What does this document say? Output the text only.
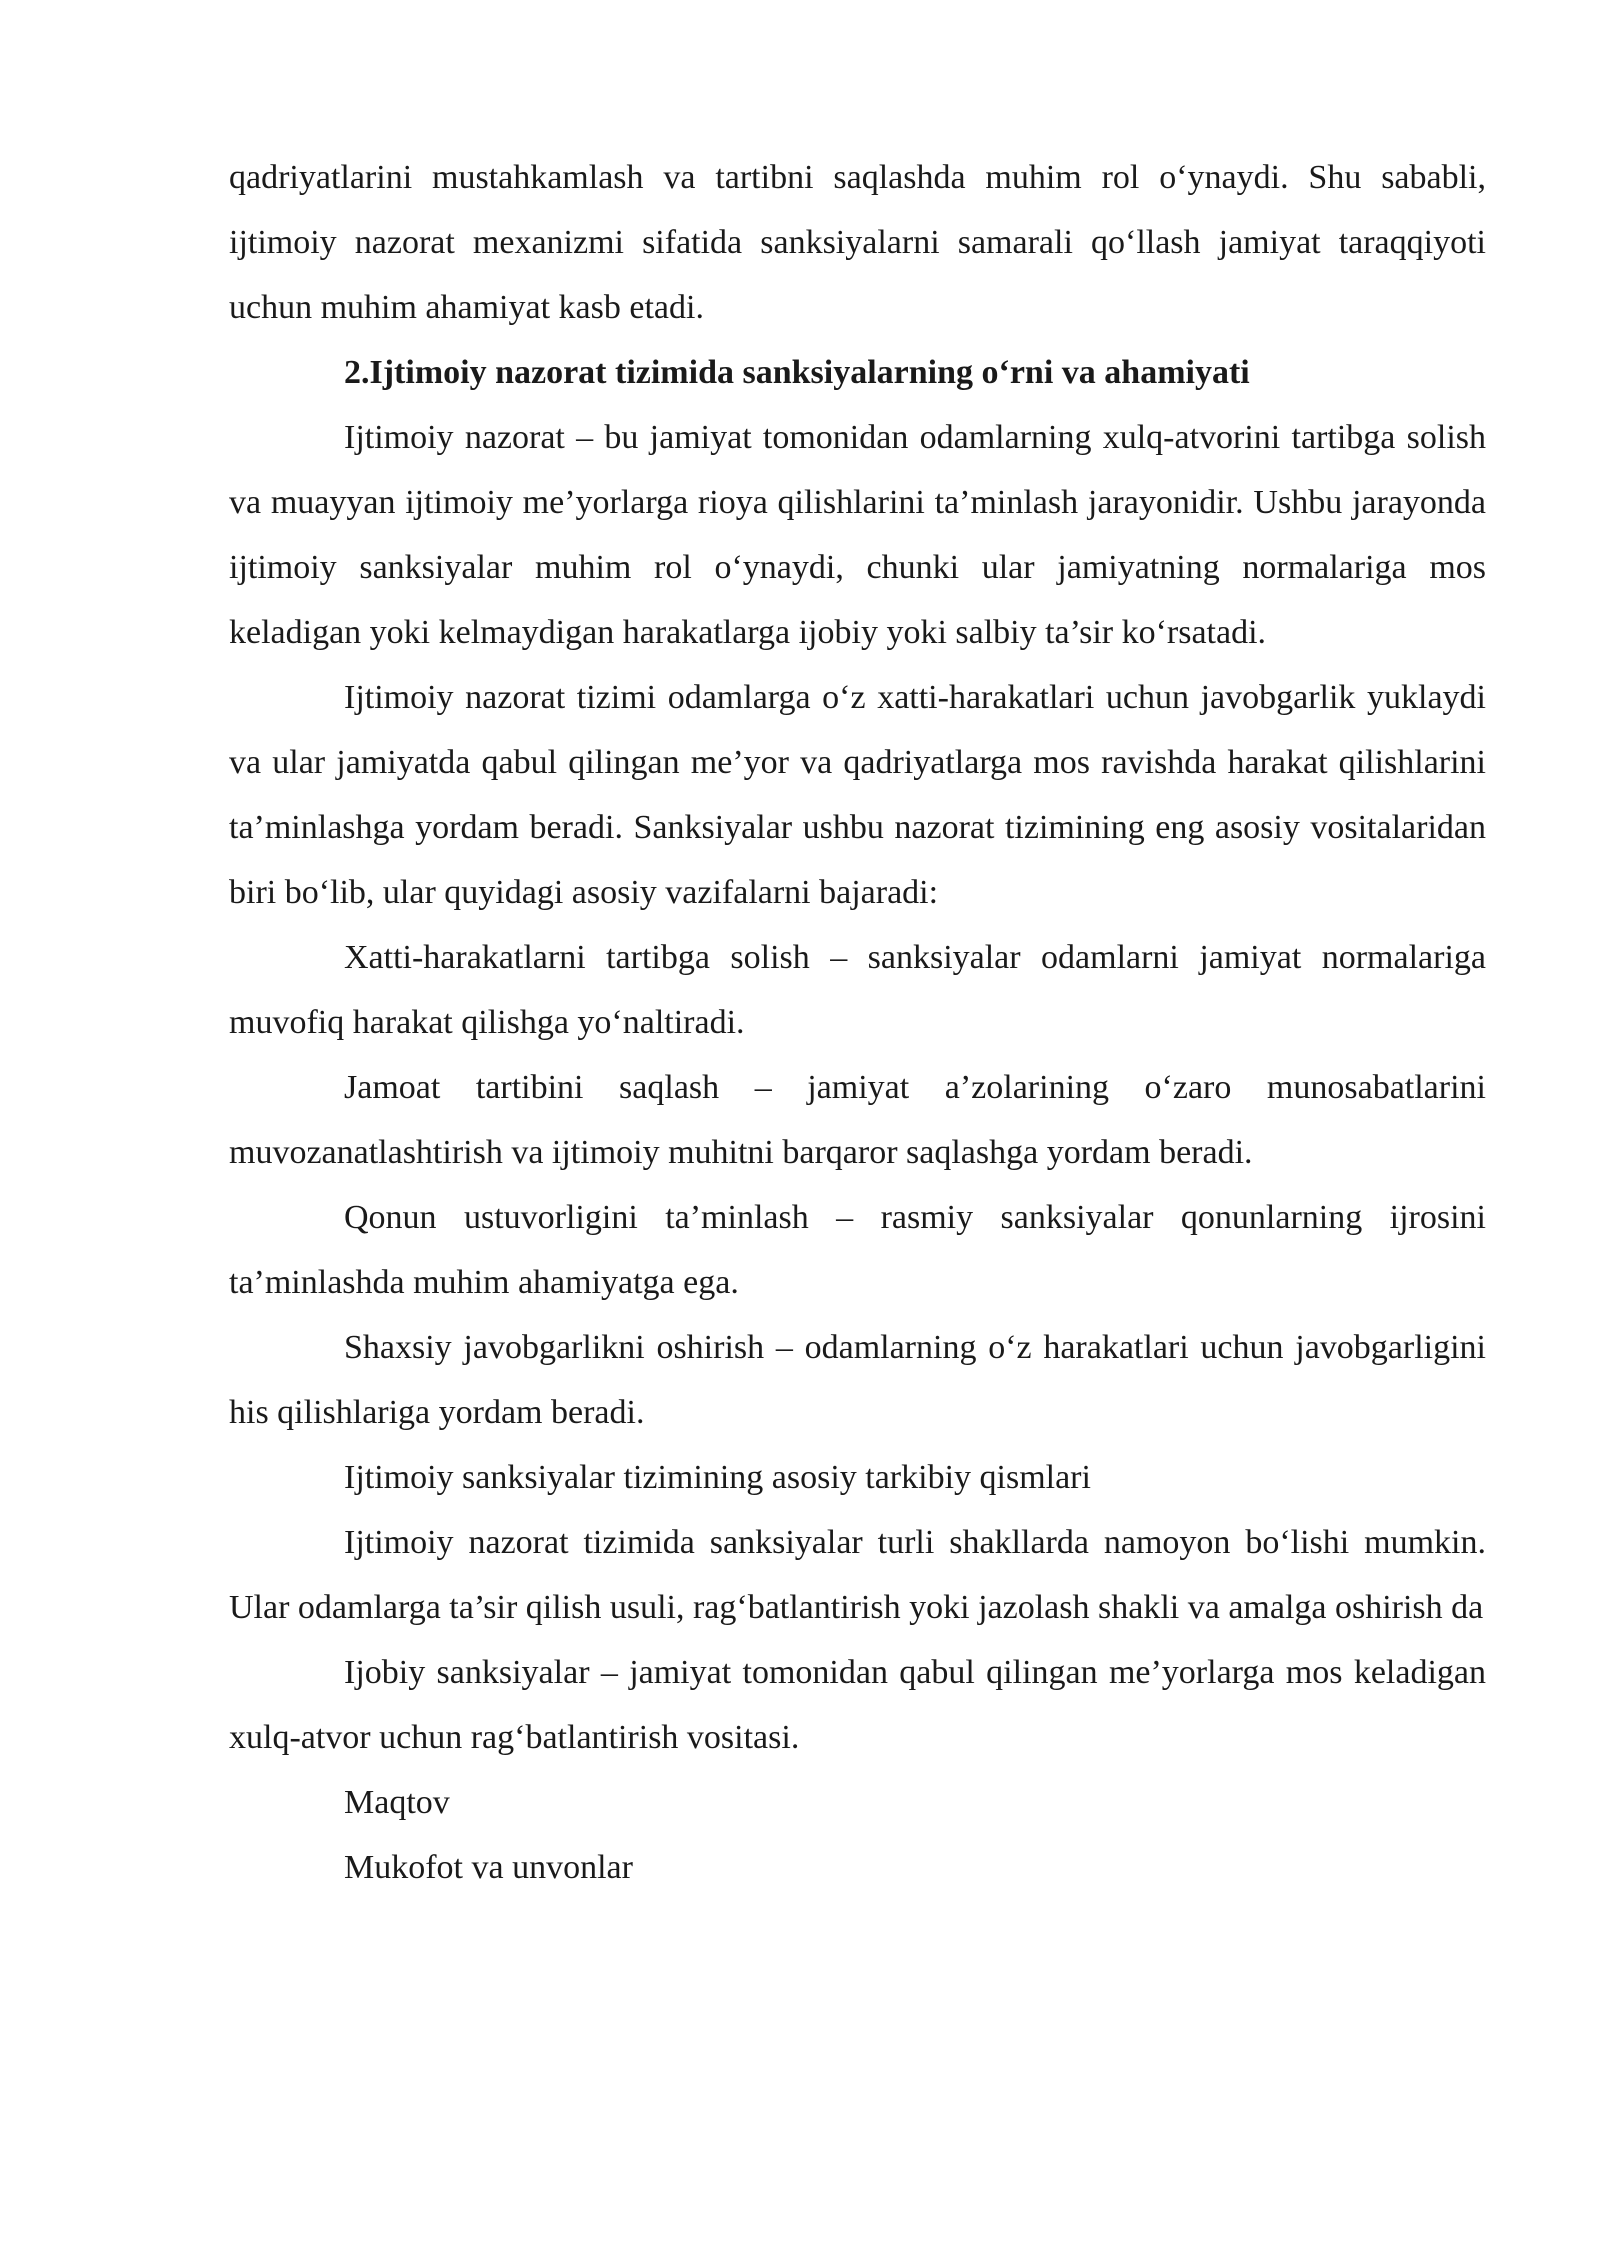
qadriyatlarini mustahkamlash va tartibni saqlashda muhim rol o‘ynaydi. Shu sababli, ijtimoiy nazorat mexanizmi sifatida sanksiyalarni samarali qo‘llash jamiyat taraqqiyoti uchun muhim ahamiyat kasb etadi.

2.Ijtimoiy nazorat tizimida sanksiyalarning o‘rni va ahamiyati

Ijtimoiy nazorat – bu jamiyat tomonidan odamlarning xulq-atvorini tartibga solish va muayyan ijtimoiy me’yorlarga rioya qilishlarini ta’minlash jarayonidir. Ushbu jarayonda ijtimoiy sanksiyalar muhim rol o‘ynaydi, chunki ular jamiyatning normalariga mos keladigan yoki kelmaydigan harakatlarga ijobiy yoki salbiy ta’sir ko‘rsatadi.

Ijtimoiy nazorat tizimi odamlarga o‘z xatti-harakatlari uchun javobgarlik yuklaydi va ular jamiyatda qabul qilingan me’yor va qadriyatlarga mos ravishda harakat qilishlarini ta’minlashga yordam beradi. Sanksiyalar ushbu nazorat tizimining eng asosiy vositalaridan biri bo‘lib, ular quyidagi asosiy vazifalarni bajaradi:

Xatti-harakatlarni tartibga solish – sanksiyalar odamlarni jamiyat normalariga muvofiq harakat qilishga yo‘naltiradi.

Jamoat tartibini saqlash – jamiyat a’zolarining o‘zaro munosabatlarini muvozanatlashtirish va ijtimoiy muhitni barqaror saqlashga yordam beradi.

Qonun ustuvorligini ta’minlash – rasmiy sanksiyalar qonunlarning ijrosini ta’minlashda muhim ahamiyatga ega.

Shaxsiy javobgarlikni oshirish – odamlarning o‘z harakatlari uchun javobgarligini his qilishlariga yordam beradi.

Ijtimoiy sanksiyalar tizimining asosiy tarkibiy qismlari

Ijtimoiy nazorat tizimida sanksiyalar turli shakllarda namoyon bo‘lishi mumkin. Ular odamlarga ta’sir qilish usuli, rag‘batlantirish yoki jazolash shakli va amalga oshirish da

Ijobiy sanksiyalar – jamiyat tomonidan qabul qilingan me’yorlarga mos keladigan xulq-atvor uchun rag‘batlantirish vositasi.

Maqtov

Mukofot va unvonlar
